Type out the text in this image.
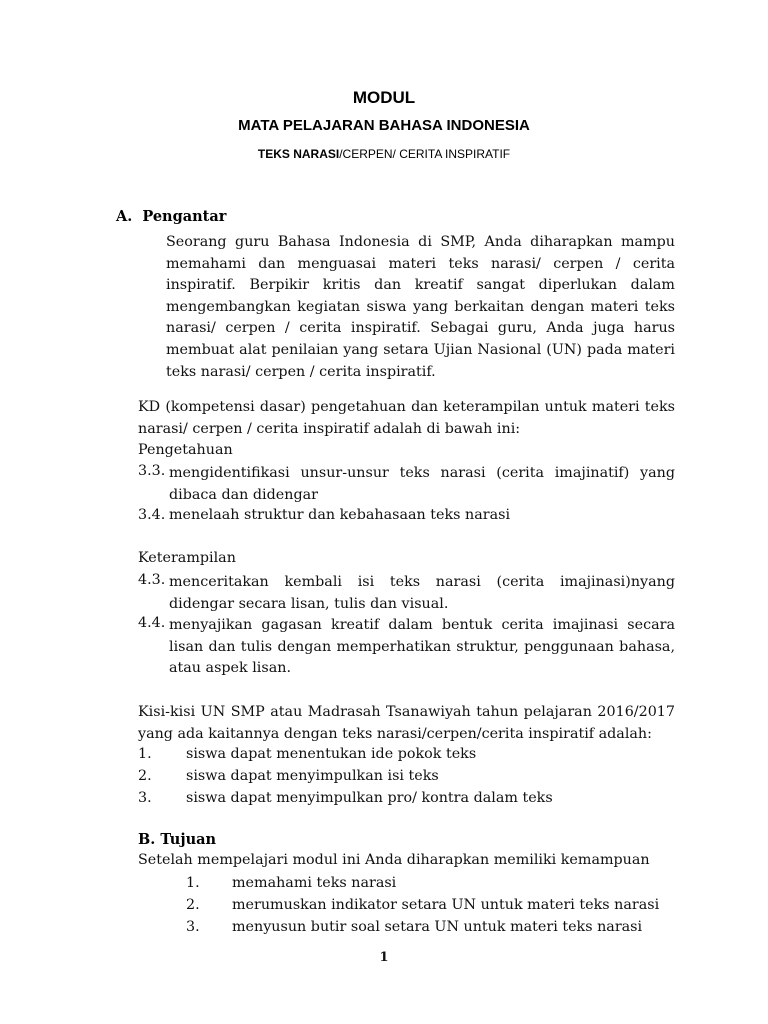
MODUL
MATA PELAJARAN BAHASA INDONESIA
TEKS NARASI/CERPEN/ CERITA INSPIRATIF
A. Pengantar
Seorang guru Bahasa Indonesia di SMP, Anda diharapkan mampu memahami dan menguasai materi teks narasi/ cerpen / cerita inspiratif. Berpikir kritis dan kreatif sangat diperlukan dalam mengembangkan kegiatan siswa yang berkaitan dengan materi teks narasi/ cerpen / cerita inspiratif. Sebagai guru, Anda juga harus membuat alat penilaian yang setara Ujian Nasional (UN) pada materi teks narasi/ cerpen / cerita inspiratif.
KD (kompetensi dasar) pengetahuan dan keterampilan untuk materi teks narasi/ cerpen / cerita inspiratif adalah di bawah ini:
Pengetahuan
3.3. mengidentifikasi unsur-unsur teks narasi (cerita imajinatif) yang dibaca dan didengar
3.4. menelaah struktur dan kebahasaan teks narasi
Keterampilan
4.3. menceritakan kembali isi teks narasi (cerita imajinasi)nyang didengar secara lisan, tulis dan visual.
4.4. menyajikan gagasan kreatif dalam bentuk cerita imajinasi secara lisan dan tulis dengan memperhatikan struktur, penggunaan bahasa, atau aspek lisan.
Kisi-kisi UN SMP atau Madrasah Tsanawiyah tahun pelajaran 2016/2017 yang ada kaitannya dengan teks narasi/cerpen/cerita inspiratif adalah:
1. siswa dapat menentukan ide pokok teks
2. siswa dapat menyimpulkan isi teks
3. siswa dapat menyimpulkan pro/ kontra dalam teks
B. Tujuan
Setelah mempelajari modul ini Anda diharapkan memiliki kemampuan
1. memahami teks narasi
2. merumuskan indikator setara UN untuk materi teks narasi
3. menyusun butir soal setara UN untuk materi teks narasi
1
